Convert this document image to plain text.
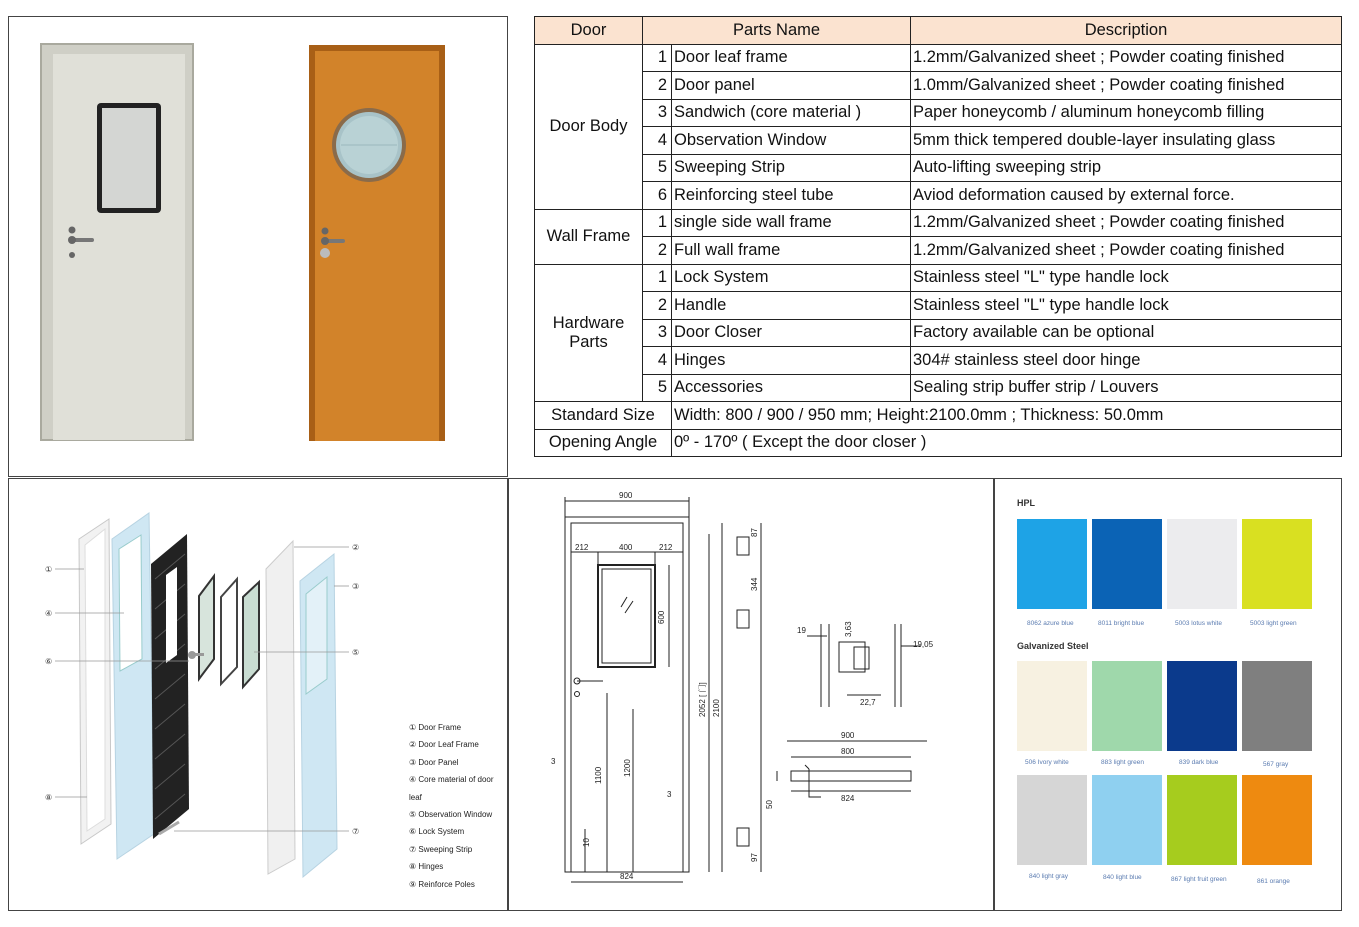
Door	Parts Name		Description
Door Body	1	Door leaf frame	1.2mm/Galvanized sheet ; Powder coating finished
	2	Door panel	1.0mm/Galvanized sheet ; Powder coating finished
	3	Sandwich (core material )	Paper honeycomb / aluminum honeycomb filling
	4	Observation Window	5mm thick tempered double-layer insulating glass
	5	Sweeping Strip	Auto-lifting sweeping strip
	6	Reinforcing steel tube	Aviod deformation caused by external force.
Wall Frame	1	single side wall frame	1.2mm/Galvanized sheet ; Powder coating finished
	2	Full wall frame	1.2mm/Galvanized sheet ; Powder coating finished
Hardware
Parts	1	Lock System	Stainless steel "L" type handle lock
	2	Handle	Stainless steel "L" type handle lock
	3	Door Closer	Factory available can be optional
	4	Hinges	304# stainless steel door hinge
	5	Accessories	Sealing strip buffer strip / Louvers
Standard Size		Width: 800 / 900 / 950 mm; Height:2100.0mm ; Thickness: 50.0mm	
Opening Angle		0º - 170º ( Except the door closer )	
①
②
③
④
⑤
⑥
⑦
⑧
① Door Frame
② Door Leaf Frame
③ Door Panel
④ Core material of door leaf
⑤ Observation Window
⑥ Lock System
⑦ Sweeping Strip
⑧ Hinges
⑨ Reinforce Poles
900
212	400	212
600
2100
2052 [ 门]
1100	1200
824
10
3
3
87
344
97
19	3,63
19,05
22,7
900
800
824
50
HPL
8062 azure blue	8011 bright blue	5003 lotus white	5003 light green
Galvanized Steel
506 Ivory white	883 light green	839 dark blue	567 gray
840 light gray	840 light blue	867 light fruit green	861 orange
